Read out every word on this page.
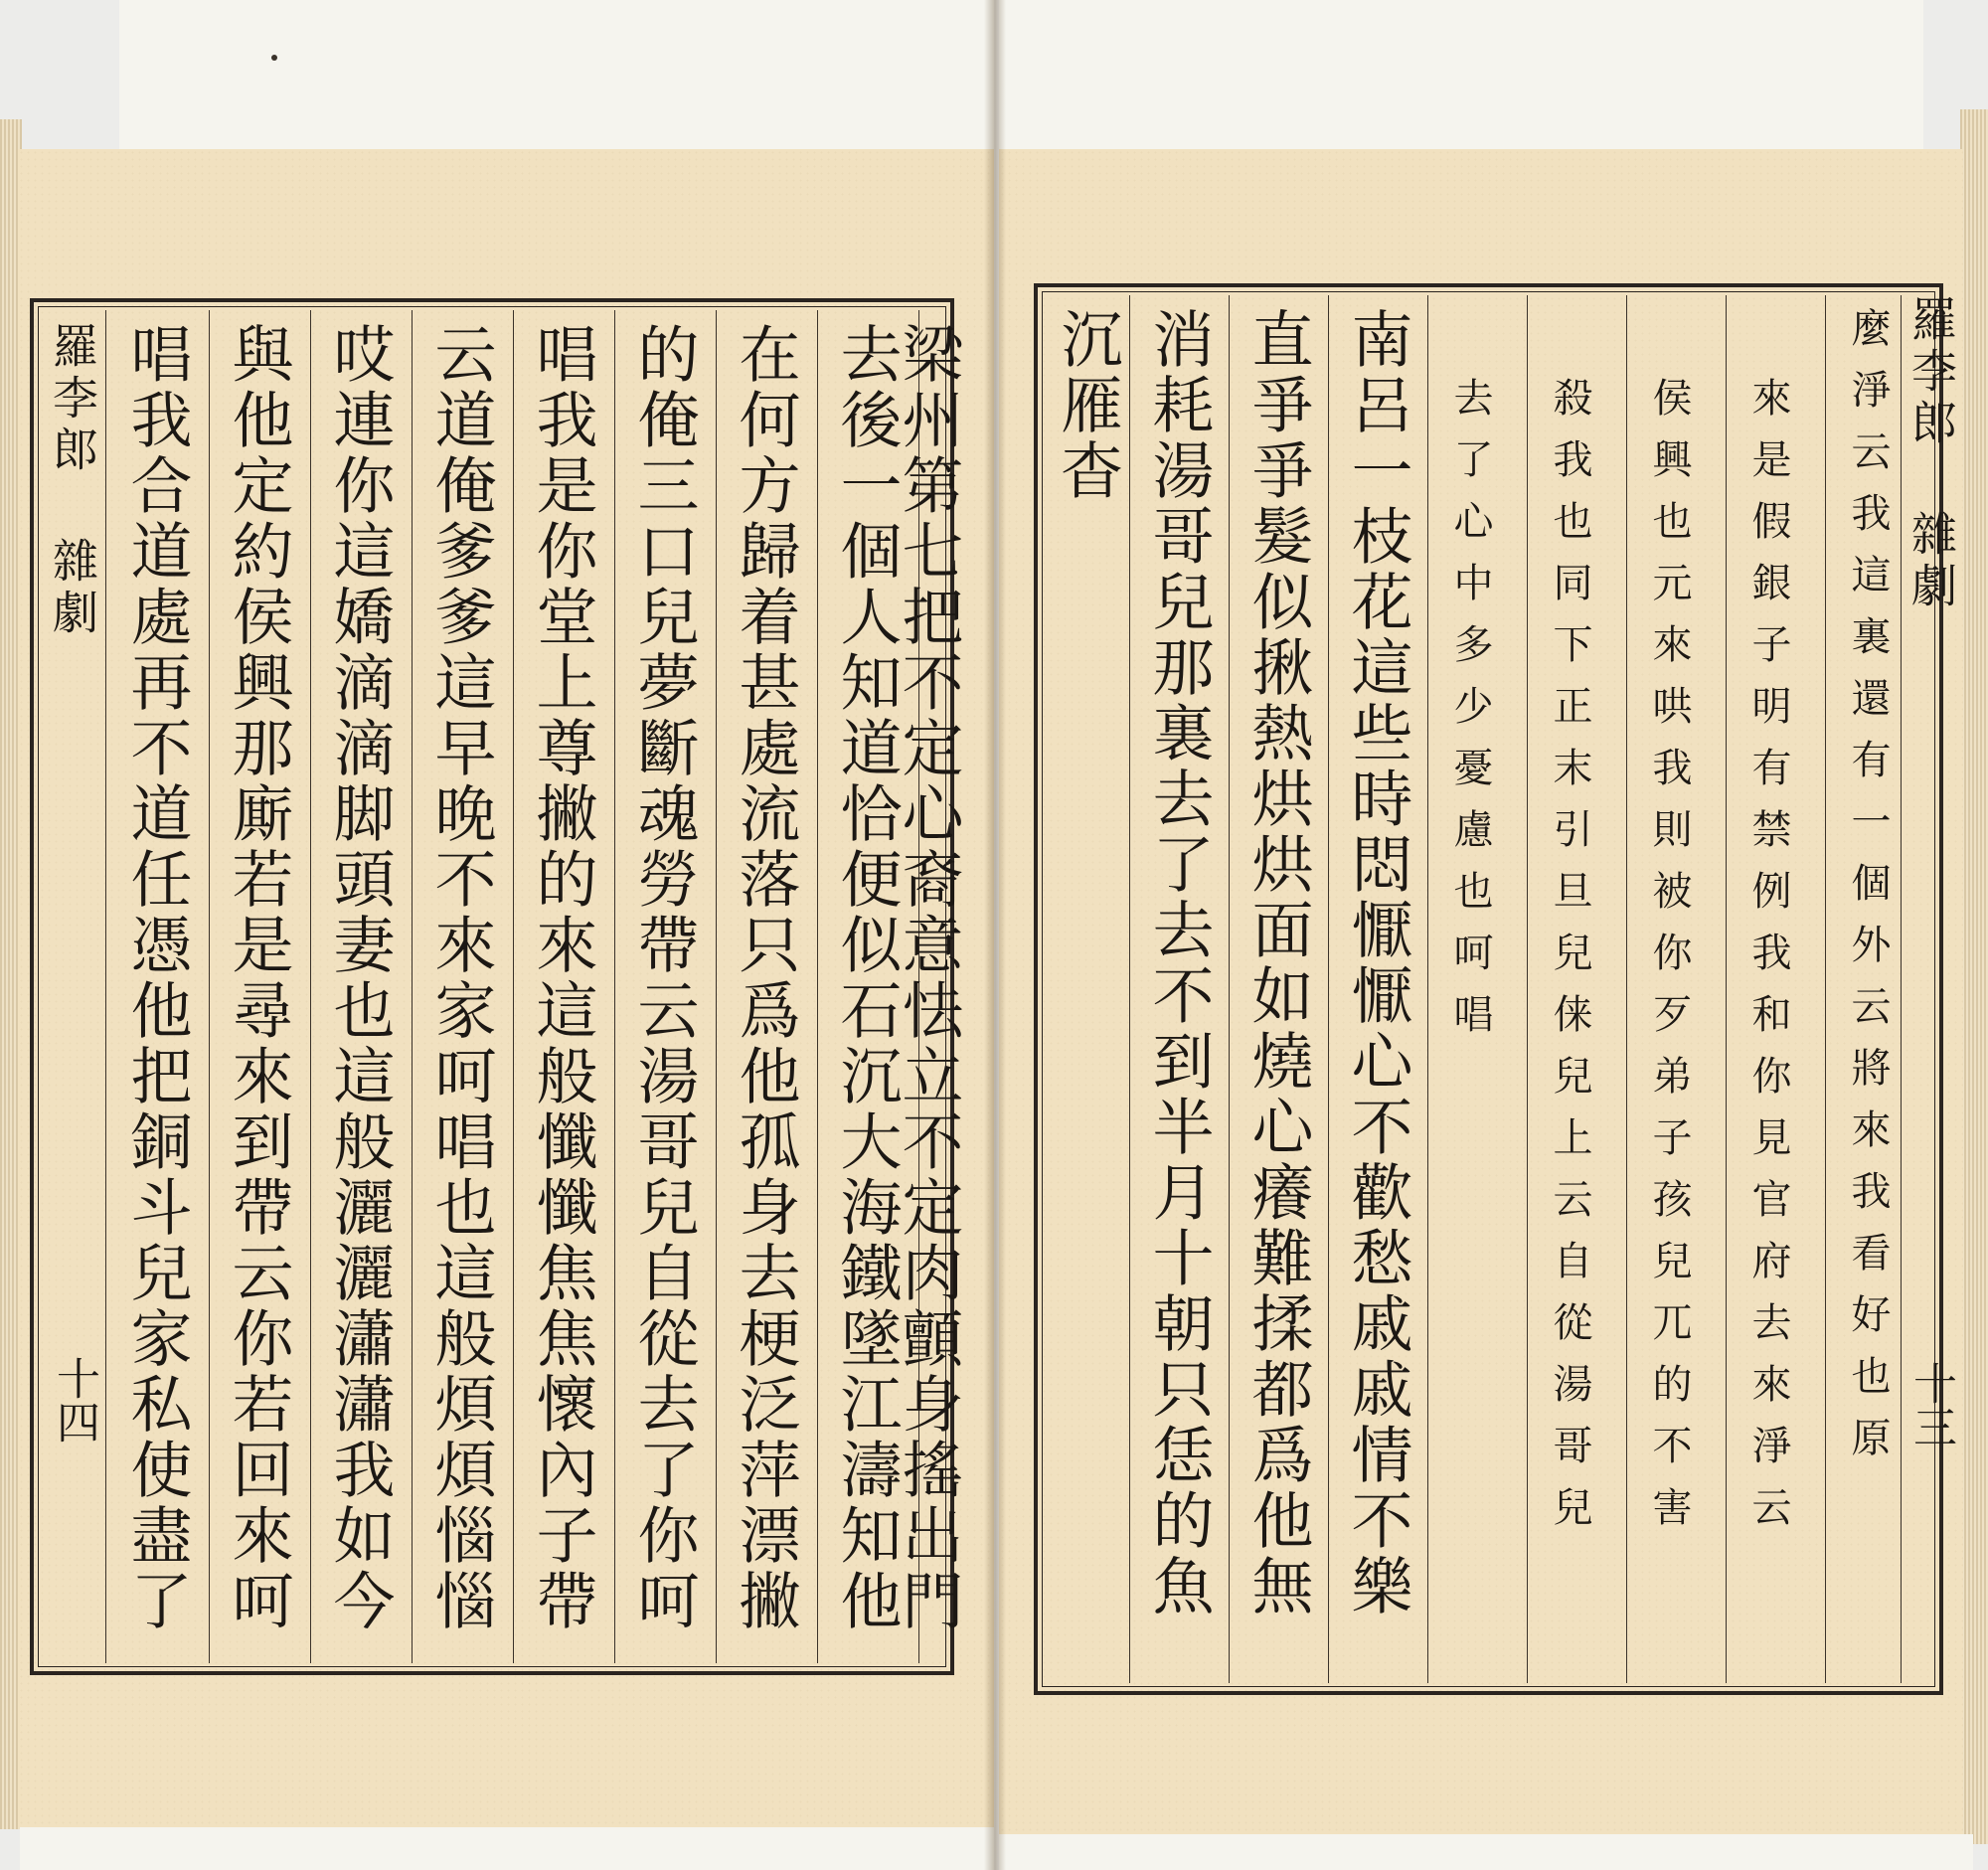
羅李郎 雜劇
十四 唱我合道處再不道任憑他把銅斗兒家私使盡了 與他定約侯興那廝若是尋來到帶云你若回來呵 哎連你這嬌滴滴脚頭妻也這般灑灑瀟瀟我如今 云道俺爹爹這早晚不來家呵唱也這般煩煩惱惱 唱我是你堂上尊撇的來這般懺懺焦焦懷內子帶 的俺三口兒夢斷魂勞帶云湯哥兒自從去了你呵 在何方歸着甚處流落只爲他孤身去梗泛萍漂撇 去後一個人知道恰便似石沉大海鐵墜江濤知他
梁州第七把不定心裔意怯立不定肉顫身搖出門 沉雁杳 消耗湯哥兒那裏去了去不到半月十朝只恁的魚 直爭爭髮似揪熱烘烘面如燒心癢難揉都爲他無 南呂一枝花這些時悶懨懨心不歡愁戚戚情不樂 去了心中多少憂慮也呵唱 殺我也同下正末引旦兒俫兒上云自從湯哥兒 侯興也元來哄我則被你歹弟子孩兒兀的不害 來是假銀子明有禁例我和你見官府去來淨云 麼淨云我這裏還有一個外云將來我看好也原 羅李郎 雜劇
十三
